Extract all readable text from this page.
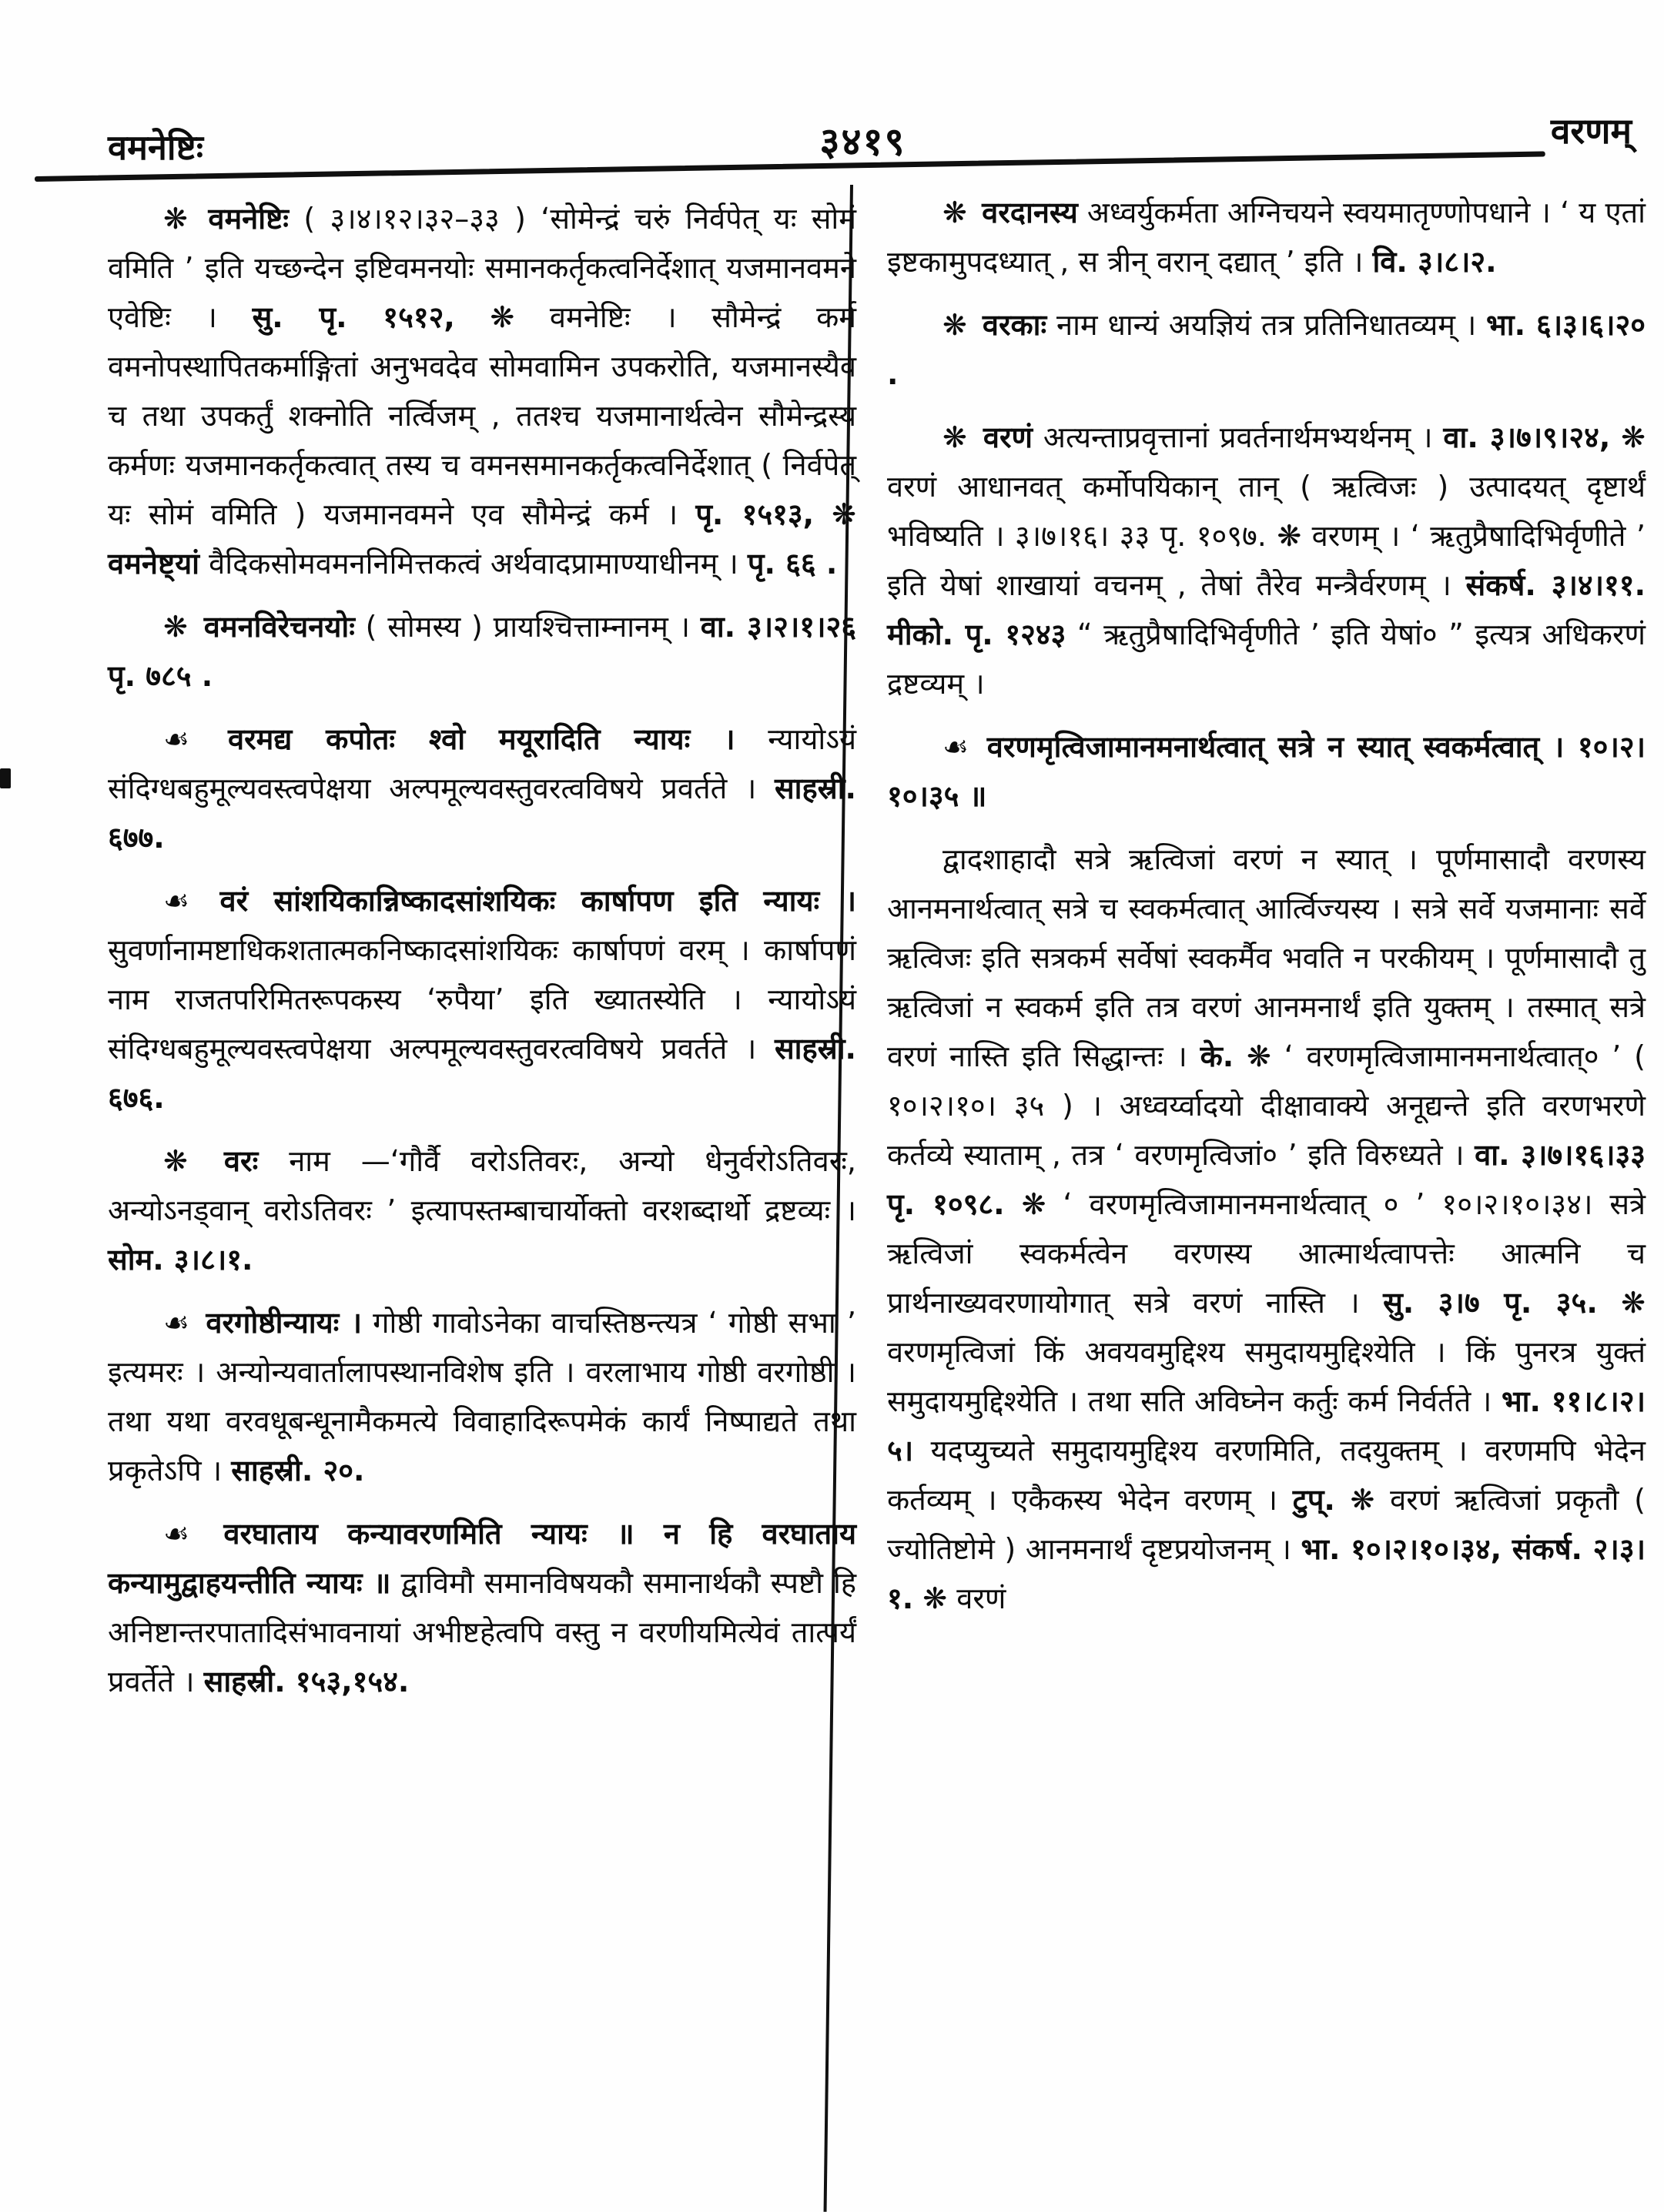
वमनेष्टिः	३४१९	वरणम्

❋ वमनेष्टिः ( ३।४।१२।३२–३३ ) ‘सोमेन्द्रं चरुं निर्वपेत् यः सोमं वमिति ’ इति यच्छन्देन इष्टिवमनयोः समानकर्तृकत्वनिर्देशात् यजमानवमने एवेष्टिः । सु. पृ. १५१२, ❋ वमनेष्टिः । सौमेन्द्रं कर्म वमनोपस्थापितकर्माङ्गितां अनुभवदेव सोमवामिन उपकरोति, यजमानस्यैव च तथा उपकर्तुं शक्नोति नर्त्विजम् , ततश्च यजमानार्थत्वेन सौमेन्द्रस्य कर्मणः यजमानकर्तृकत्वात् तस्य च वमनसमानकर्तृकत्वनिर्देशात् ( निर्वपेत् यः सोमं वमिति ) यजमानवमने एव सौमेन्द्रं कर्म । पृ. १५१३, ❋ वमनेष्ट्यां वैदिकसोमवमननिमित्तकत्वं अर्थवादप्रामाण्याधीनम् । पृ. ६६ .

❋ वमनविरेचनयोः ( सोमस्य ) प्रायश्चित्ताम्नानम् । वा. ३।२।१।२६ पृ. ७८५ .

☙ वरमद्य कपोतः श्वो मयूरादिति न्यायः । न्यायोऽयं संदिग्धबहुमूल्यवस्त्वपेक्षया अल्पमूल्यवस्तुवरत्वविषये प्रवर्तते । साहस्री. ६७७.

☙ वरं सांशयिकान्निष्कादसांशयिकः कार्षापण इति न्यायः । सुवर्णानामष्टाधिकशतात्मकनिष्कादसांशयिकः कार्षापणं वरम् । कार्षापणं नाम राजतपरिमितरूपकस्य ‘रुपैया’ इति ख्यातस्येति । न्यायोऽयं संदिग्धबहुमूल्यवस्त्वपेक्षया अल्पमूल्यवस्तुवरत्वविषये प्रवर्तते । साहस्री. ६७६.

❋ वरः नाम —‘गौर्वै वरोऽतिवरः, अन्यो धेनुर्वरोऽतिवरः, अन्योऽनड्वान् वरोऽतिवरः ’ इत्यापस्तम्बाचार्योक्तो वरशब्दार्थो द्रष्टव्यः । सोम. ३।८।१.

☙ वरगोष्ठीन्यायः । गोष्ठी गावोऽनेका वाचस्तिष्ठन्त्यत्र ‘ गोष्ठी सभा ’ इत्यमरः । अन्योन्यवार्तालापस्थानविशेष इति । वरलाभाय गोष्ठी वरगोष्ठी । तथा यथा वरवधूबन्धूनामैकमत्ये विवाहादिरूपमेकं कार्यं निष्पाद्यते तथा प्रकृतेऽपि । साहस्री. २०.

☙ वरघाताय कन्यावरणमिति न्यायः ॥ न हि वरघाताय कन्यामुद्वाहयन्तीति न्यायः ॥ द्वाविमौ समानविषयकौ समानार्थकौ स्पष्टौ हि अनिष्टान्तरपातादिसंभावनायां अभीष्टहेत्वपि वस्तु न वरणीयमित्येवं तात्पर्यं प्रवर्तेते । साहस्री. १५३,१५४.

❋ वरदानस्य अध्वर्युकर्मता अग्निचयने स्वयमातृण्णोपधाने । ‘ य एतां इष्टकामुपदध्यात् , स त्रीन् वरान् दद्यात् ’ इति । वि. ३।८।२.

❋ वरकाः नाम धान्यं अयज्ञियं तत्र प्रतिनिधातव्यम् । भा. ६।३।६।२० .

❋ वरणं अत्यन्ताप्रवृत्तानां प्रवर्तनार्थमभ्यर्थनम् । वा. ३।७।९।२४, ❋ वरणं आधानवत् कर्मोपयिकान् तान् ( ऋत्विजः ) उत्पादयत् दृष्टार्थं भविष्यति । ३।७।१६। ३३ पृ. १०९७. ❋ वरणम् । ‘ ऋतुप्रैषादिभिर्वृणीते ’ इति येषां शाखायां वचनम् , तेषां तैरेव मन्त्रैर्वरणम् । संकर्ष. ३।४।११. मीको. पृ. १२४३ “ ऋतुप्रैषादिभिर्वृणीते ’ इति येषां० ” इत्यत्र अधिकरणं द्रष्टव्यम् ।

☙ वरणमृत्विजामानमनार्थत्वात् सत्रे न स्यात् स्वकर्मत्वात् । १०।२।१०।३५ ॥

द्वादशाहादौ सत्रे ऋत्विजां वरणं न स्यात् । पूर्णमासादौ वरणस्य आनमनार्थत्वात् सत्रे च स्वकर्मत्वात् आर्त्विज्यस्य । सत्रे सर्वे यजमानाः सर्वे ऋत्विजः इति सत्रकर्म सर्वेषां स्वकर्मैव भवति न परकीयम् । पूर्णमासादौ तु ऋत्विजां न स्वकर्म इति तत्र वरणं आनमनार्थं इति युक्तम् । तस्मात् सत्रे वरणं नास्ति इति सिद्धान्तः । के. ❋ ‘ वरणमृत्विजामानमनार्थत्वात्० ’ ( १०।२।१०। ३५ ) । अध्वर्य्वादयो दीक्षावाक्ये अनूद्यन्ते इति वरणभरणे कर्तव्ये स्याताम् , तत्र ‘ वरणमृत्विजां० ’ इति विरुध्यते । वा. ३।७।१६।३३ पृ. १०९८. ❋ ‘ वरणमृत्विजामानमनार्थत्वात् ० ’ १०।२।१०।३४। सत्रे ऋत्विजां स्वकर्मत्वेन वरणस्य आत्मार्थत्वापत्तेः आत्मनि च प्रार्थनाख्यवरणायोगात् सत्रे वरणं नास्ति । सु. ३।७ पृ. ३५. ❋ वरणमृत्विजां किं अवयवमुद्दिश्य समुदायमुद्दिश्येति । किं पुनरत्र युक्तं समुदायमुद्दिश्येति । तथा सति अविघ्नेन कर्तुः कर्म निर्वर्तते । भा. ११।८।२।५। यदप्युच्यते समुदायमुद्दिश्य वरणमिति, तदयुक्तम् । वरणमपि भेदेन कर्तव्यम् । एकैकस्य भेदेन वरणम् । टुप्. ❋ वरणं ऋत्विजां प्रकृतौ ( ज्योतिष्टोमे ) आनमनार्थं दृष्टप्रयोजनम् । भा. १०।२।१०।३४, संकर्ष. २।३।१. ❋ वरणं
